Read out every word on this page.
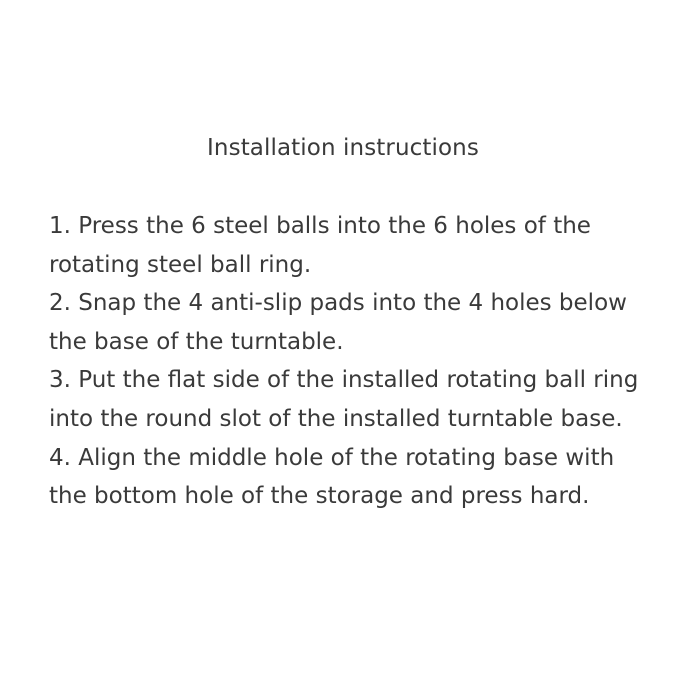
Installation instructions
1. Press the 6 steel balls into the 6 holes of the
rotating steel ball ring.
2. Snap the 4 anti-slip pads into the 4 holes below
the base of the turntable.
3. Put the flat side of the installed rotating ball ring
into the round slot of the installed turntable base.
4. Align the middle hole of the rotating base with
the bottom hole of the storage and press hard.
